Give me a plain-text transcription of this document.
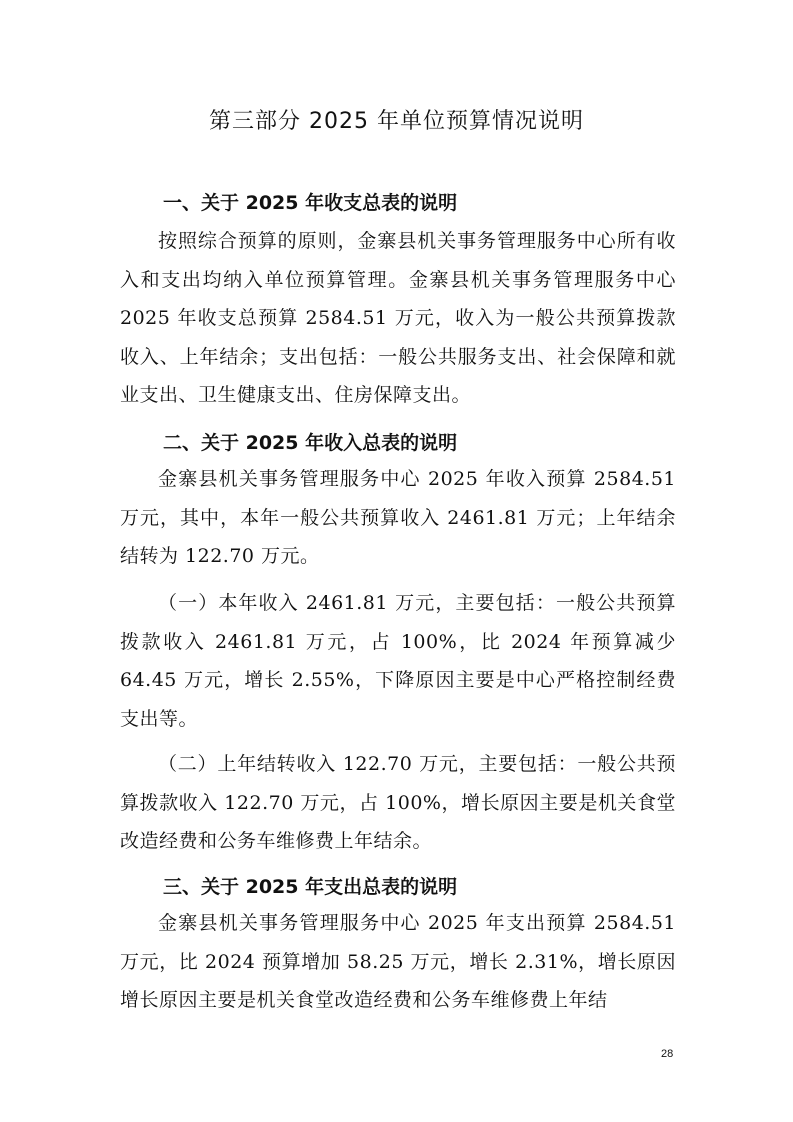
第三部分 2025 年单位预算情况说明
一、关于 2025 年收支总表的说明
按照综合预算的原则，金寨县机关事务管理服务中心所有收入和支出均纳入单位预算管理。金寨县机关事务管理服务中心 2025 年收支总预算 2584.51 万元，收入为一般公共预算拨款收入、上年结余；支出包括：一般公共服务支出、社会保障和就业支出、卫生健康支出、住房保障支出。
二、关于 2025 年收入总表的说明
金寨县机关事务管理服务中心 2025 年收入预算 2584.51 万元，其中，本年一般公共预算收入 2461.81 万元；上年结余结转为 122.70 万元。
（一）本年收入 2461.81 万元，主要包括：一般公共预算拨款收入 2461.81 万元，占 100%，比 2024 年预算减少 64.45 万元，增长 2.55%，下降原因主要是中心严格控制经费支出等。
（二）上年结转收入 122.70 万元，主要包括：一般公共预算拨款收入 122.70 万元，占 100%，增长原因主要是机关食堂改造经费和公务车维修费上年结余。
三、关于 2025 年支出总表的说明
金寨县机关事务管理服务中心 2025 年支出预算 2584.51 万元，比 2024 预算增加 58.25 万元，增长 2.31%，增长原因增长原因主要是机关食堂改造经费和公务车维修费上年结
28
